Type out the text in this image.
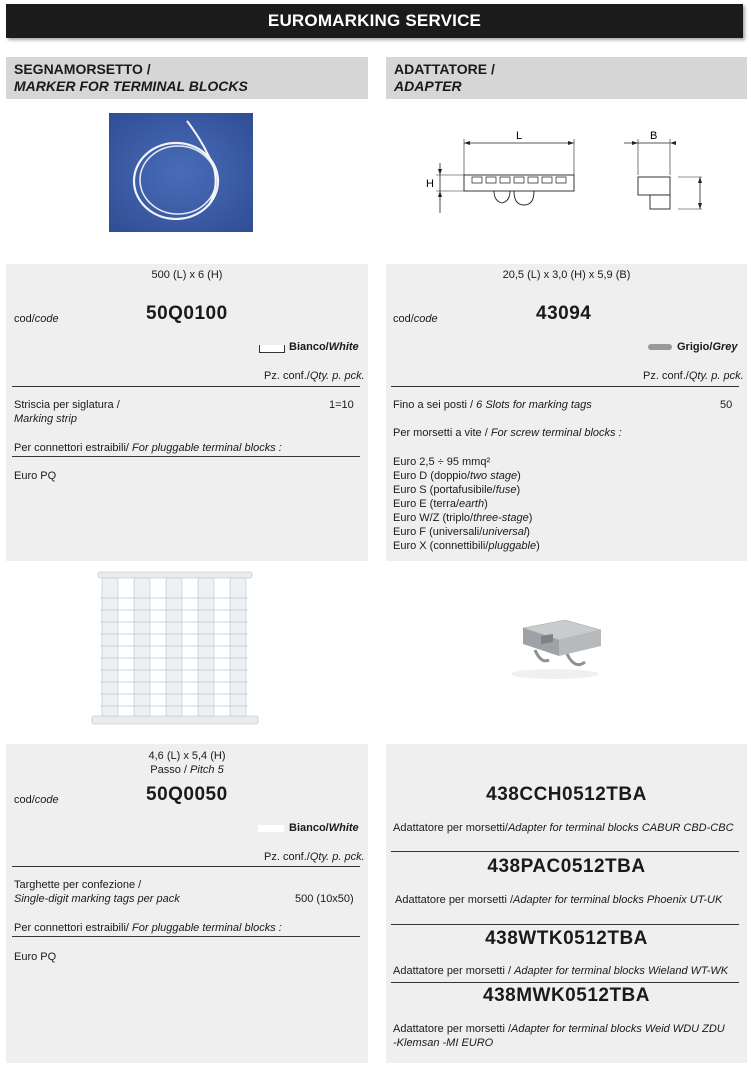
EUROMARKING SERVICE
SEGNAMORSETTO /
MARKER FOR TERMINAL BLOCKS
500 (L) x 6 (H)
cod/code	50Q0100
Bianco/White
Pz. conf./Qty. p. pck.
Striscia per siglatura /
Marking strip
1=10
Per connettori estraibili/ For pluggable terminal blocks :
Euro PQ
ADATTATORE /
ADAPTER
L
H
B
20,5 (L) x 3,0 (H) x 5,9 (B)
cod/code	43094
Grigio/Grey
Pz. conf./Qty. p. pck.
Fino a sei posti / 6 Slots for marking tags	50
Per morsetti a vite / For screw terminal blocks :
Euro 2,5 ÷ 95 mmq²
Euro D (doppio/two stage)
Euro S (portafusibile/fuse)
Euro E (terra/earth)
Euro W/Z (triplo/three-stage)
Euro F (universali/universal)
Euro X (connettibili/pluggable)
4,6 (L) x 5,4 (H)
Passo / Pitch 5
cod/code	50Q0050
Bianco/White
Pz. conf./Qty. p. pck.
Targhette per confezione /
Single-digit marking tags per pack	500 (10x50)
Per connettori estraibili/ For pluggable terminal blocks :
Euro PQ
438CCH0512TBA
Adattatore per morsetti/Adapter for terminal blocks CABUR CBD-CBC
438PAC0512TBA
Adattatore per morsetti /Adapter for terminal blocks Phoenix UT-UK
438WTK0512TBA
Adattatore per morsetti / Adapter for terminal blocks Wieland WT-WK
438MWK0512TBA
Adattatore per morsetti /Adapter for terminal blocks Weid WDU ZDU
-Klemsan -MI EURO
